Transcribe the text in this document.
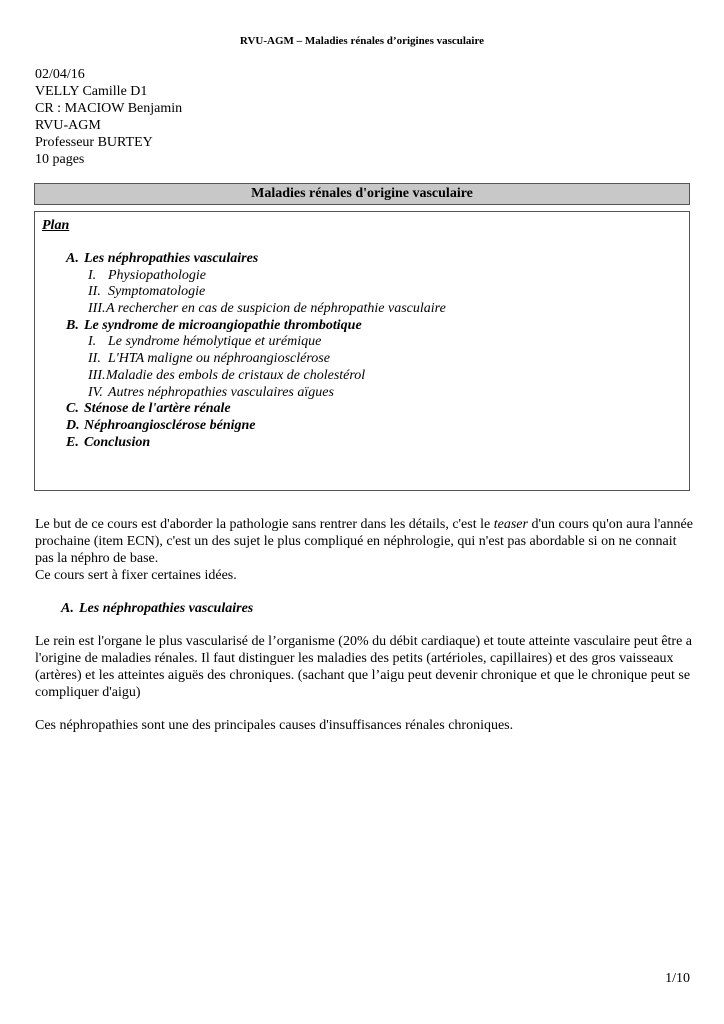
RVU-AGM – Maladies rénales d’origines vasculaire
02/04/16
VELLY Camille D1
CR : MACIOW Benjamin
RVU-AGM
Professeur BURTEY
10 pages
Maladies rénales d'origine vasculaire
Plan
A. Les néphropathies vasculaires
I. Physiopathologie
II. Symptomatologie
III. A rechercher en cas de suspicion de néphropathie vasculaire
B. Le syndrome de microangiopathie thrombotique
I. Le syndrome hémolytique et urémique
II. L'HTA maligne ou néphroangiosclérose
III. Maladie des embols de cristaux de cholestérol
IV. Autres néphropathies vasculaires aïgues
C. Sténose de l'artère rénale
D. Néphroangiosclérose bénigne
E. Conclusion

Le but de ce cours est d'aborder la pathologie sans rentrer dans les détails, c'est le teaser d'un cours qu'on aura l'année prochaine (item ECN), c'est un des sujet le plus compliqué en néphrologie, qui n'est pas abordable si on ne connait pas la néphro de base.

Ce cours sert à fixer certaines idées.

A. Les néphropathies vasculaires

Le rein est l'organe le plus vascularisé de l’organisme (20% du débit cardiaque) et toute atteinte vasculaire peut être a l'origine de maladies rénales. Il faut distinguer les maladies des petits (artérioles, capillaires) et des gros vaisseaux (artères) et les atteintes aiguës des chroniques. (sachant que l’aigu peut devenir chronique et que le chronique peut se compliquer d'aigu)

Ces néphropathies sont une des principales causes d'insuffisances rénales chroniques.

1/10
